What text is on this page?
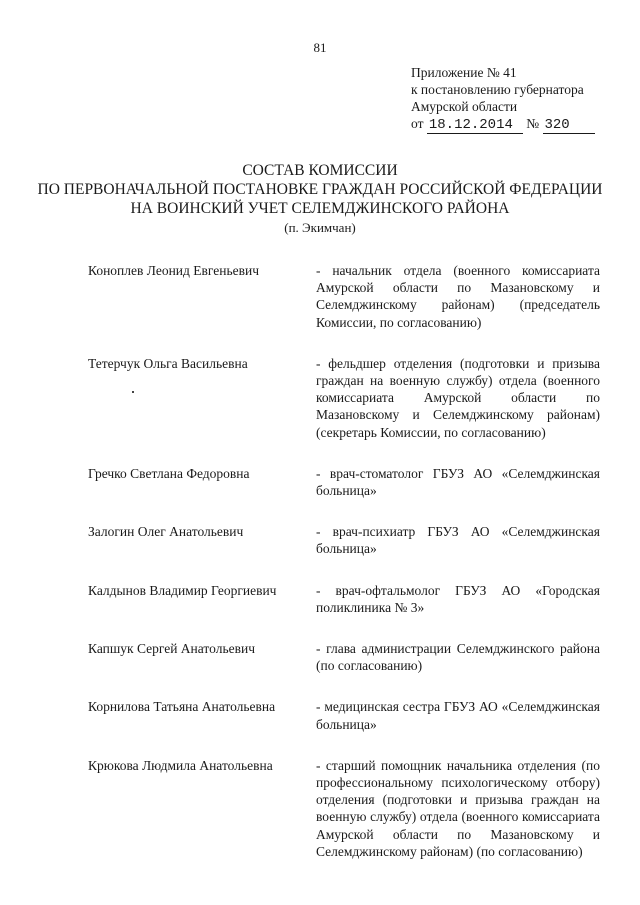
81
Приложение № 41
к постановлению губернатора
Амурской области
от 18.12.2014 № 320
СОСТАВ КОМИССИИ
ПО ПЕРВОНАЧАЛЬНОЙ ПОСТАНОВКЕ ГРАЖДАН РОССИЙСКОЙ ФЕДЕРАЦИИ
НА ВОИНСКИЙ УЧЕТ СЕЛЕМДЖИНСКОГО РАЙОНА
(п. Экимчан)
Коноплев Леонид Евгеньевич	- начальник отдела (военного комиссариата Амурской области по Мазановскому и Селемджинскому районам) (председатель Комиссии, по согласованию)
Тетерчук Ольга Васильевна	- фельдшер отделения (подготовки и призыва граждан на военную службу) отдела (военного комиссариата Амурской области по Мазановскому и Селемджинскому районам) (секретарь Комиссии, по согласованию)
Гречко Светлана Федоровна	- врач-стоматолог ГБУЗ АО «Селемджинская больница»
Залогин Олег Анатольевич	- врач-психиатр ГБУЗ АО «Селемджинская больница»
Калдынов Владимир Георгиевич	- врач-офтальмолог ГБУЗ АО «Городская поликлиника № 3»
Капшук Сергей Анатольевич	- глава администрации Селемджинского района (по согласованию)
Корнилова Татьяна Анатольевна	- медицинская сестра ГБУЗ АО «Селемджинская больница»
Крюкова Людмила Анатольевна	- старший помощник начальника отделения (по профессиональному психологическому отбору) отделения (подготовки и призыва граждан на военную службу) отдела (военного комиссариата Амурской области по Мазановскому и Селемджинскому районам) (по согласованию)
